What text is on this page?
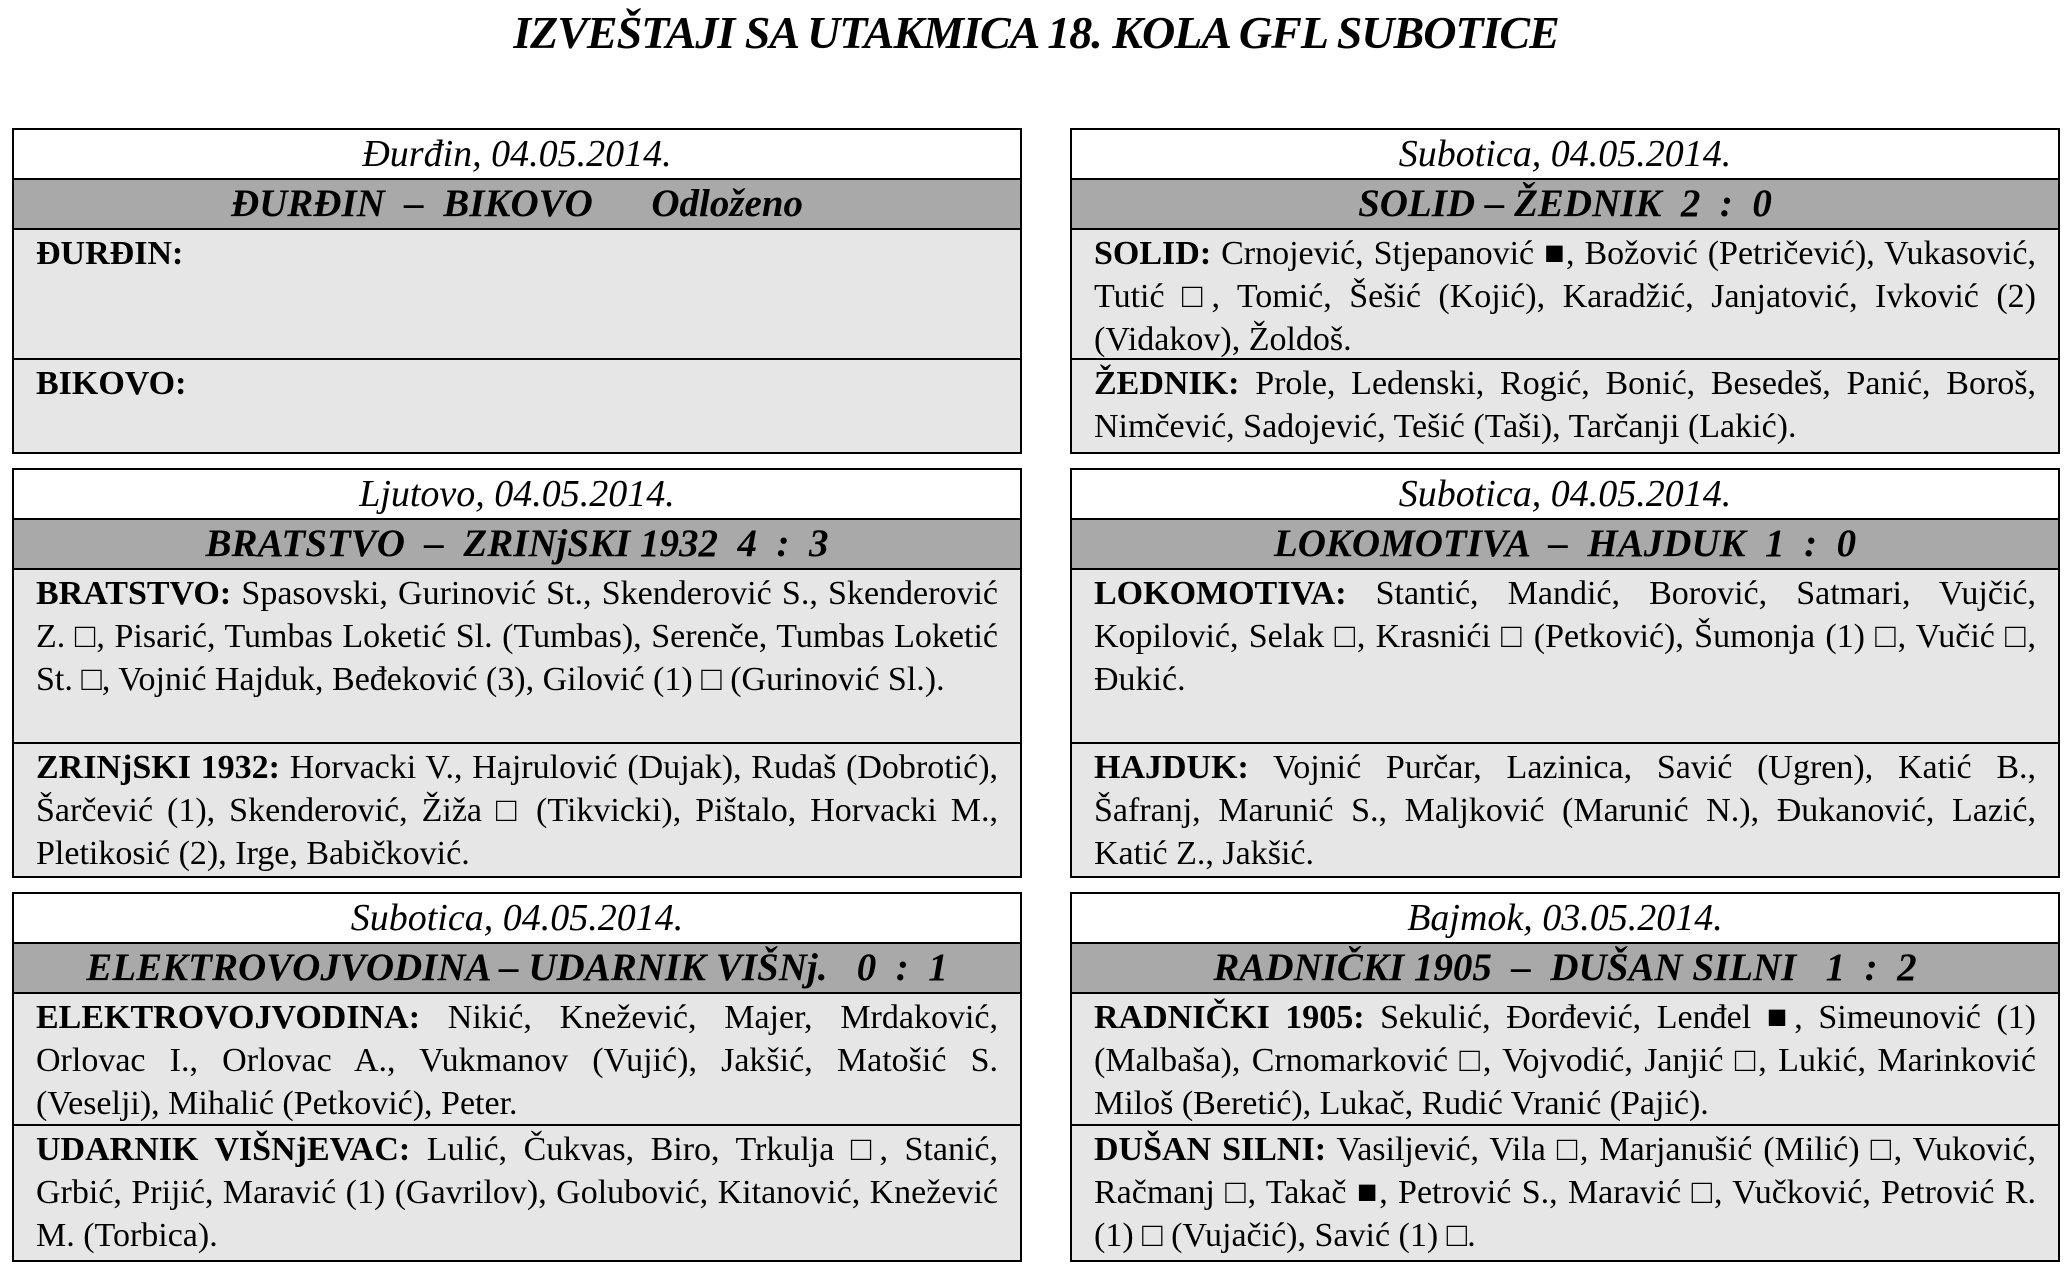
IZVEŠTAJI SA UTAKMICA 18. KOLA GFL SUBOTICE
Đurđin, 04.05.2014.
ĐURĐIN  –  BIKOVO      Odloženo
ĐURĐIN:
BIKOVO:
Subotica, 04.05.2014.
SOLID – ŽEDNIK  2  :  0
SOLID: Crnojević, Stjepanović ■, Božović (Petričević), Vukasović, Tutić □, Tomić, Šešić (Kojić), Karadžić, Janjatović, Ivković (2) (Vidakov), Žoldoš.
ŽEDNIK: Prole, Ledenski, Rogić, Bonić, Besedeš, Panić, Boroš, Nimčević, Sadojević, Tešić (Taši), Tarčanji (Lakić).
Ljutovo, 04.05.2014.
BRATSTVO  –  ZRINjSKI 1932  4  :  3
BRATSTVO: Spasovski, Gurinović St., Skenderović S., Skenderović Z. □, Pisarić, Tumbas Loketić Sl. (Tumbas), Serenče, Tumbas Loketić St. □, Vojnić Hajduk, Beđeković (3), Gilović (1) □ (Gurinović Sl.).
ZRINjSKI 1932: Horvacki V., Hajrulović (Dujak), Rudaš (Dobrotić), Šarčević (1), Skenderović, Žiža □ (Tikvicki), Pištalo, Horvacki M., Pletikosić (2), Irge, Babičković.
Subotica, 04.05.2014.
LOKOMOTIVA  –  HAJDUK  1  :  0
LOKOMOTIVA: Stantić, Mandić, Borović, Satmari, Vujčić, Kopilović, Selak □, Krasnići □ (Petković), Šumonja (1) □, Vučić □, Đukić.
HAJDUK: Vojnić Purčar, Lazinica, Savić (Ugren), Katić B., Šafranj, Marunić S., Maljković (Marunić N.), Đukanović, Lazić, Katić Z., Jakšić.
Subotica, 04.05.2014.
ELEKTROVOJVODINA – UDARNIK VIŠNj.   0  :  1
ELEKTROVOJVODINA: Nikić, Knežević, Majer, Mrdaković, Orlovac I., Orlovac A., Vukmanov (Vujić), Jakšić, Matošić S. (Veselji), Mihalić (Petković), Peter.
UDARNIK VIŠNjEVAC: Lulić, Čukvas, Biro, Trkulja □, Stanić, Grbić, Prijić, Maravić (1) (Gavrilov), Golubović, Kitanović, Knežević M. (Torbica).
Bajmok, 03.05.2014.
RADNIČKI 1905  –  DUŠAN SILNI   1  :  2
RADNIČKI 1905: Sekulić, Đorđević, Lenđel ■, Simeunović (1) (Malbaša), Crnomarković □, Vojvodić, Janjić □, Lukić, Marinković Miloš (Beretić), Lukač, Rudić Vranić (Pajić).
DUŠAN SILNI: Vasiljević, Vila □, Marjanušić (Milić) □, Vuković, Račmanj □, Takač ■, Petrović S., Maravić □, Vučković, Petrović R. (1) □ (Vujačić), Savić (1) □.
